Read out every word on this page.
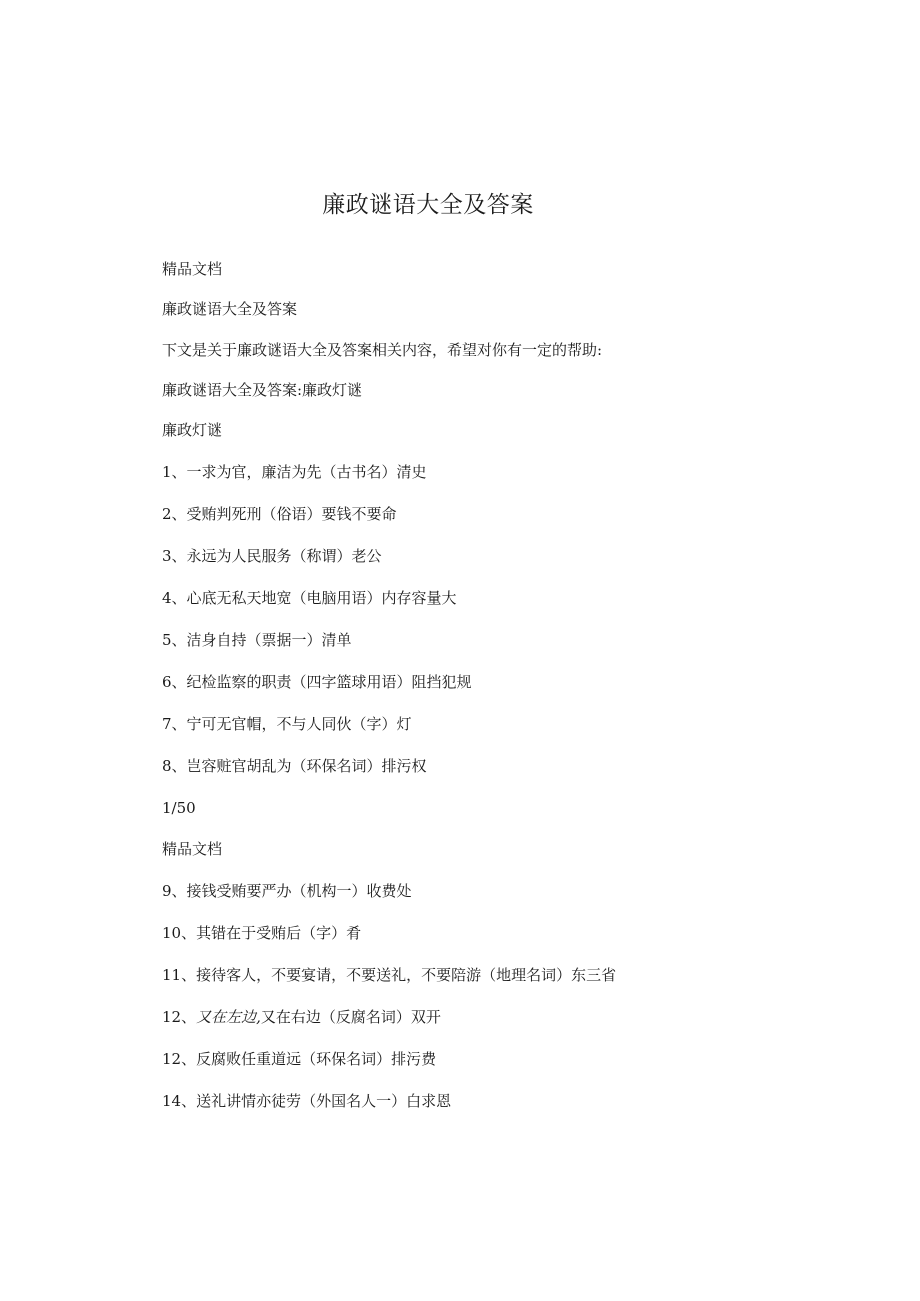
廉政谜语大全及答案
精品文档
廉政谜语大全及答案
下文是关于廉政谜语大全及答案相关内容，希望对你有一定的帮助:
廉政谜语大全及答案:廉政灯谜
廉政灯谜
1、一求为官，廉洁为先（古书名）清史
2、受贿判死刑（俗语）要钱不要命
3、永远为人民服务（称谓）老公
4、心底无私天地宽（电脑用语）内存容量大
5、洁身自持（票据一）清单
6、纪检监察的职责（四字篮球用语）阻挡犯规
7、宁可无官帽，不与人同伙（字）灯
8、岂容赃官胡乱为（环保名词）排污权
1/50
精品文档
9、接钱受贿要严办（机构一）收费处
10、其错在于受贿后（字）肴
11、接待客人，不要宴请，不要送礼，不要陪游（地理名词）东三省
12、又在左边,又在右边（反腐名词）双开
12、反腐败任重道远（环保名词）排污费
14、送礼讲情亦徒劳（外国名人一）白求恩
